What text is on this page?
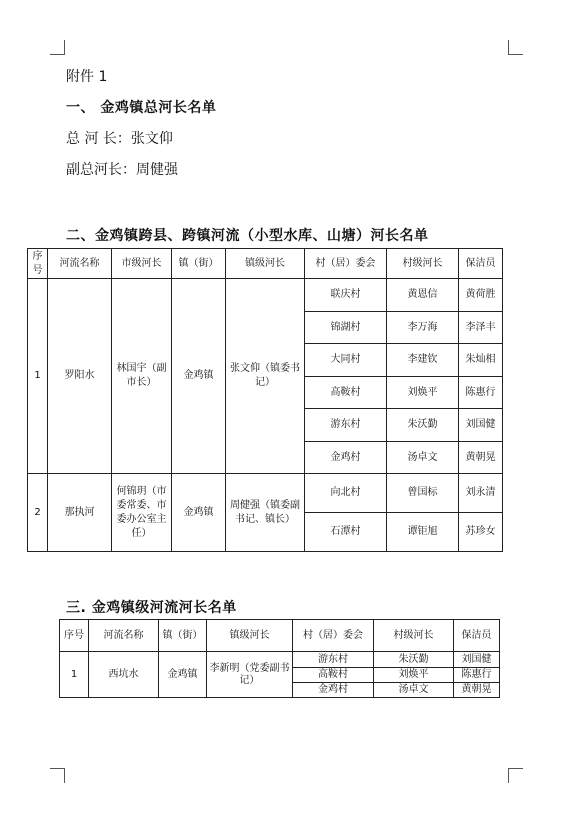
附件 1
一、 金鸡镇总河长名单
总 河 长：张文仰
副总河长：周健强
二、金鸡镇跨县、跨镇河流（小型水库、山塘）河长名单
序号	河流名称	市级河长	镇（街）	镇级河长	村（居）委会	村级河长	保洁员
1	罗阳水	林国宇（副市长）	金鸡镇	张文仰（镇委书记）	联庆村	黄恩信	黄荷胜
					锦湖村	李万海	李泽丰
					大同村	李建钦	朱灿相
					高鞍村	刘焕平	陈惠行
					游东村	朱沃勤	刘国健
					金鸡村	汤卓文	黄朝晃
2	那执河	何锦玥（市委常委、市委办公室主任）	金鸡镇	周健强（镇委副书记、镇长）	向北村	曾国标	刘永清
					石潭村	谭钜旭	苏珍女
三. 金鸡镇级河流河长名单
序号	河流名称	镇（街）	镇级河长	村（居）委会	村级河长	保洁员
1	西坑水	金鸡镇	李新明（党委副书记）	游东村	朱沃勤	刘国健
				高鞍村	刘焕平	陈惠行
				金鸡村	汤卓文	黄朝晃
